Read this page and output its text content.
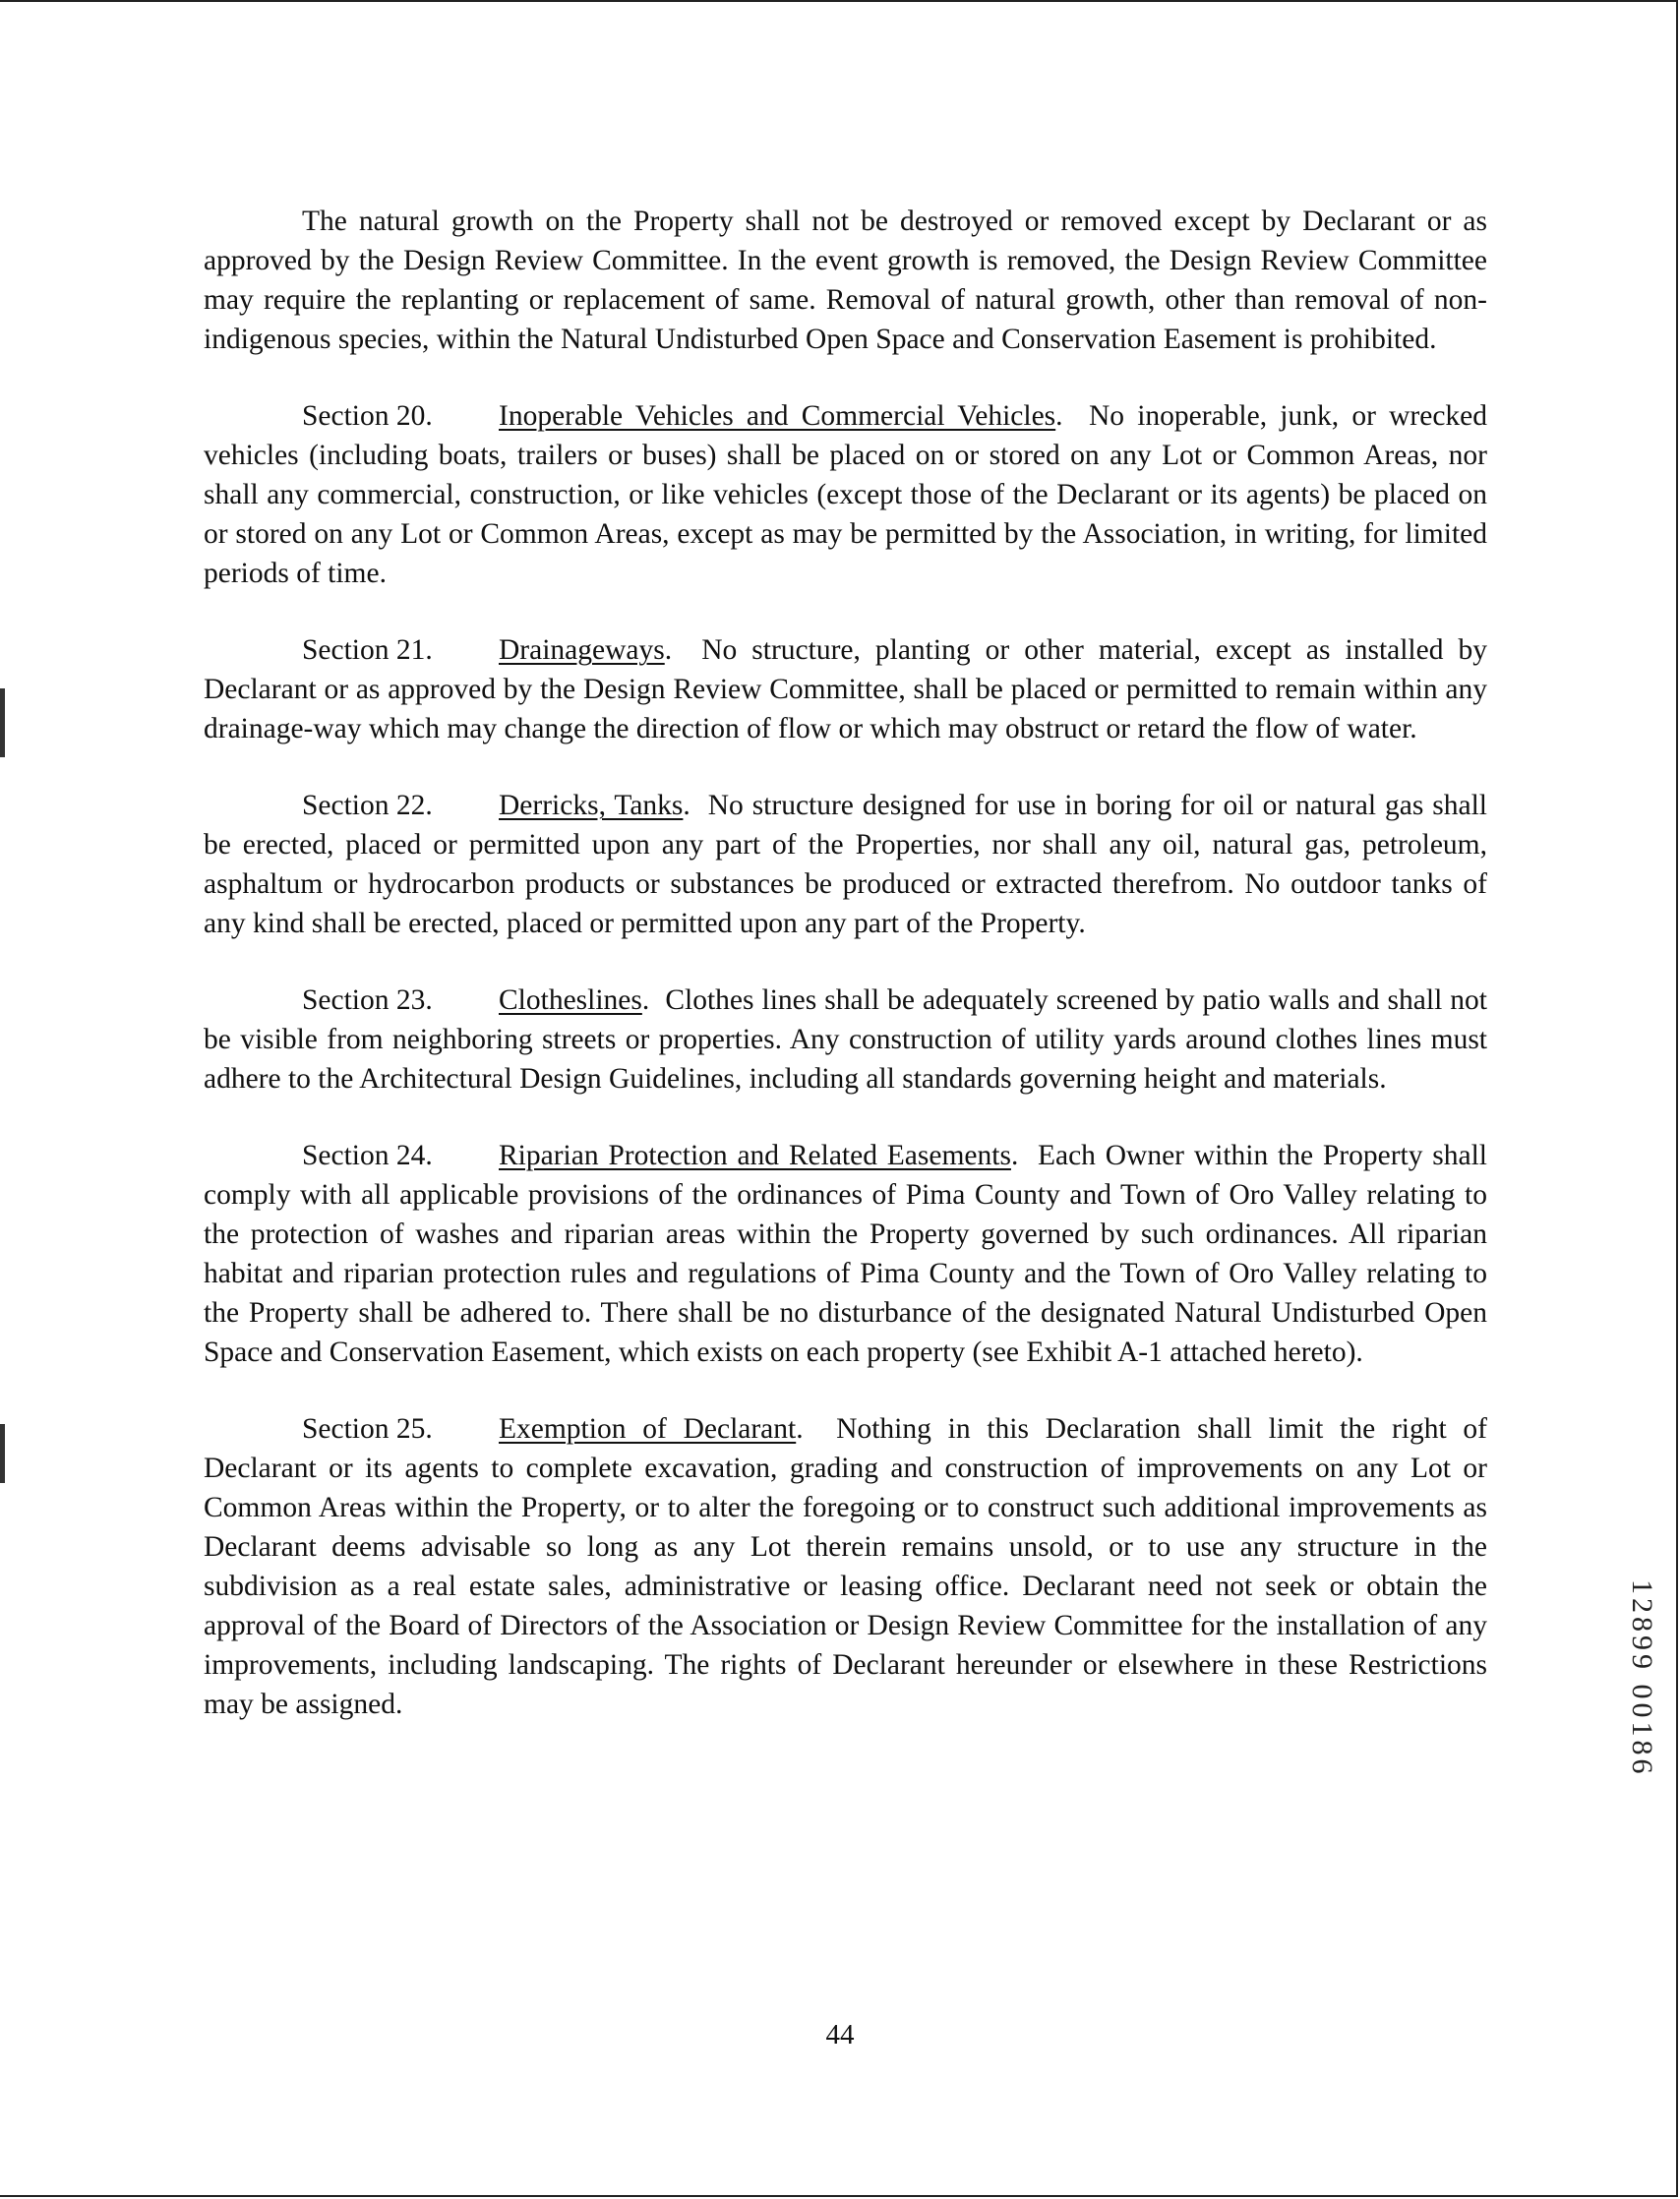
The natural growth on the Property shall not be destroyed or removed except by Declarant or as approved by the Design Review Committee. In the event growth is removed, the Design Review Committee may require the replanting or replacement of same. Removal of natural growth, other than removal of non-indigenous species, within the Natural Undisturbed Open Space and Conservation Easement is prohibited.

Section 20. Inoperable Vehicles and Commercial Vehicles.  No inoperable, junk, or wrecked vehicles (including boats, trailers or buses) shall be placed on or stored on any Lot or Common Areas, nor shall any commercial, construction, or like vehicles (except those of the Declarant or its agents) be placed on or stored on any Lot or Common Areas, except as may be permitted by the Association, in writing, for limited periods of time.

Section 21. Drainageways.  No structure, planting or other material, except as installed by Declarant or as approved by the Design Review Committee, shall be placed or permitted to remain within any drainage-way which may change the direction of flow or which may obstruct or retard the flow of water.

Section 22. Derricks, Tanks.  No structure designed for use in boring for oil or natural gas shall be erected, placed or permitted upon any part of the Properties, nor shall any oil, natural gas, petroleum, asphaltum or hydrocarbon products or substances be produced or extracted therefrom. No outdoor tanks of any kind shall be erected, placed or permitted upon any part of the Property.

Section 23. Clotheslines.  Clothes lines shall be adequately screened by patio walls and shall not be visible from neighboring streets or properties. Any construction of utility yards around clothes lines must adhere to the Architectural Design Guidelines, including all standards governing height and materials.

Section 24. Riparian Protection and Related Easements.  Each Owner within the Property shall comply with all applicable provisions of the ordinances of Pima County and Town of Oro Valley relating to the protection of washes and riparian areas within the Property governed by such ordinances. All riparian habitat and riparian protection rules and regulations of Pima County and the Town of Oro Valley relating to the Property shall be adhered to. There shall be no disturbance of the designated Natural Undisturbed Open Space and Conservation Easement, which exists on each property (see Exhibit A-1 attached hereto).

Section 25. Exemption of Declarant.  Nothing in this Declaration shall limit the right of Declarant or its agents to complete excavation, grading and construction of improvements on any Lot or Common Areas within the Property, or to alter the foregoing or to construct such additional improvements as Declarant deems advisable so long as any Lot therein remains unsold, or to use any structure in the subdivision as a real estate sales, administrative or leasing office. Declarant need not seek or obtain the approval of the Board of Directors of the Association or Design Review Committee for the installation of any improvements, including landscaping. The rights of Declarant hereunder or elsewhere in these Restrictions may be assigned.

44
12899 00186
